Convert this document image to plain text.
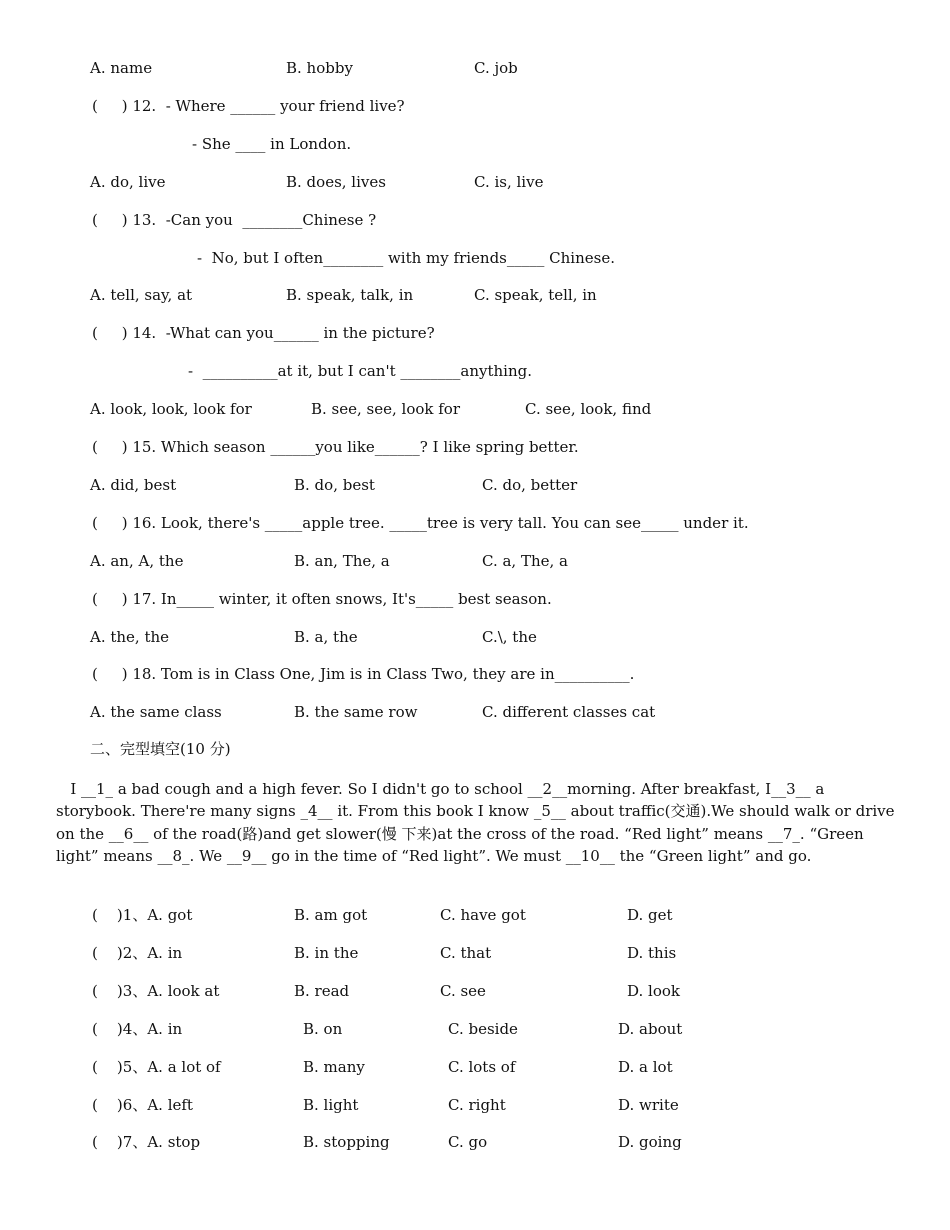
A. name	B. hobby	C. job
(     ) 12.  - Where ______ your friend live?
- She ____ in London.
A. do, live	B. does, lives	C. is, live
(     ) 13.  -Can you  ________Chinese ?
-  No, but I often________ with my friends_____ Chinese.
A. tell, say, at	B. speak, talk, in	C. speak, tell, in
(     ) 14.  -What can you______ in the picture?
-  __________at it, but I can't ________anything.
A. look, look, look for	B. see, see, look for	C. see, look, find
(     ) 15. Which season ______you like______? I like spring better.
A. did, best	B. do, best	C. do, better
(     ) 16. Look, there's _____apple tree. _____tree is very tall. You can see_____ under it.
A. an, A, the	B. an, The, a	C. a, The, a
(     ) 17. In_____ winter, it often snows, It's_____ best season.
A. the, the	B. a, the	C.\, the
(     ) 18. Tom is in Class One, Jim is in Class Two, they are in__________.
A. the same class	B. the same row	C. different classes cat
二、完型填空(10 分)
I __1_ a bad cough and a high fever. So I didn't go to school __2__morning. After breakfast, I__3__ a storybook. There're many signs _4__ it. From this book I know _5__ about traffic(交通).We should walk or drive on the __6__ of the road(路)and get slower(慢 下来)at the cross of the road. “Red light” means __7_. “Green light” means __8_. We __9__ go in the time of “Red light”. We must __10__ the “Green light” and go.
(    )1、A. got	B. am got	C. have got	D. get
(    )2、A. in	B. in the	C. that	D. this
(    )3、A. look at	B. read	C. see	D. look
(    )4、A. in	B. on	C. beside	D. about
(    )5、A. a lot of	B. many	C. lots of	D. a lot
(    )6、A. left	B. light	C. right	D. write
(    )7、A. stop	B. stopping	C. go	D. going
